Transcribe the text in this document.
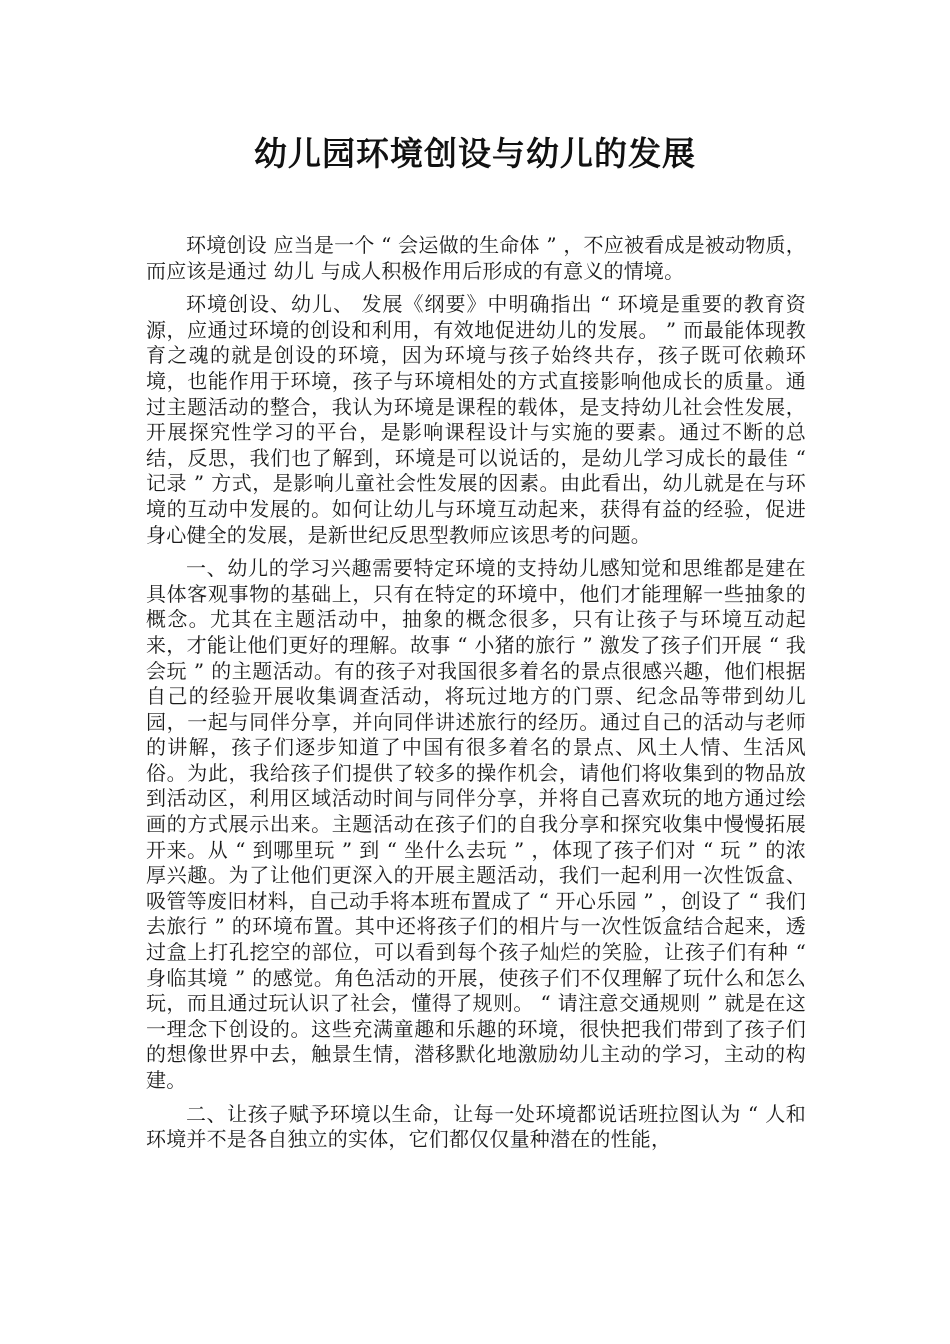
幼儿园环境创设与幼儿的发展

环境创设 应当是一个 “ 会运做的生命体 ” ，不应被看成是被动物质，而应该是通过 幼儿 与成人积极作用后形成的有意义的情境。

环境创设、幼儿、 发展《纲要》中明确指出 “ 环境是重要的教育资源，应通过环境的创设和利用，有效地促进幼儿的发展。 ” 而最能体现教育之魂的就是创设的环境，因为环境与孩子始终共存，孩子既可依赖环境，也能作用于环境，孩子与环境相处的方式直接影响他成长的质量。通过主题活动的整合，我认为环境是课程的载体，是支持幼儿社会性发展，开展探究性学习的平台，是影响课程设计与实施的要素。通过不断的总结，反思，我们也了解到，环境是可以说话的，是幼儿学习成长的最佳 “ 记录 ” 方式，是影响儿童社会性发展的因素。由此看出，幼儿就是在与环境的互动中发展的。如何让幼儿与环境互动起来，获得有益的经验，促进身心健全的发展，是新世纪反思型教师应该思考的问题。

一、幼儿的学习兴趣需要特定环境的支持幼儿感知觉和思维都是建在具体客观事物的基础上，只有在特定的环境中，他们才能理解一些抽象的概念。尤其在主题活动中，抽象的概念很多，只有让孩子与环境互动起来，才能让他们更好的理解。故事 “ 小猪的旅行 ” 激发了孩子们开展 “ 我会玩 ” 的主题活动。有的孩子对我国很多着名的景点很感兴趣，他们根据自己的经验开展收集调查活动，将玩过地方的门票、纪念品等带到幼儿园，一起与同伴分享，并向同伴讲述旅行的经历。通过自己的活动与老师的讲解，孩子们逐步知道了中国有很多着名的景点、风土人情、生活风俗。为此，我给孩子们提供了较多的操作机会，请他们将收集到的物品放到活动区，利用区域活动时间与同伴分享，并将自己喜欢玩的地方通过绘画的方式展示出来。主题活动在孩子们的自我分享和探究收集中慢慢拓展开来。从 “ 到哪里玩 ” 到 “ 坐什么去玩 ” ，体现了孩子们对 “ 玩 ” 的浓厚兴趣。为了让他们更深入的开展主题活动，我们一起利用一次性饭盒、吸管等废旧材料，自己动手将本班布置成了 “ 开心乐园 ” ，创设了 “ 我们去旅行 ” 的环境布置。其中还将孩子们的相片与一次性饭盒结合起来，透过盒上打孔挖空的部位，可以看到每个孩子灿烂的笑脸，让孩子们有种 “ 身临其境 ” 的感觉。角色活动的开展，使孩子们不仅理解了玩什么和怎么玩，而且通过玩认识了社会，懂得了规则。 “ 请注意交通规则 ” 就是在这一理念下创设的。这些充满童趣和乐趣的环境，很快把我们带到了孩子们的想像世界中去，触景生情，潜移默化地激励幼儿主动的学习，主动的构建。

二、让孩子赋予环境以生命，让每一处环境都说话班拉图认为 “ 人和环境并不是各自独立的实体，它们都仅仅量种潜在的性能，
